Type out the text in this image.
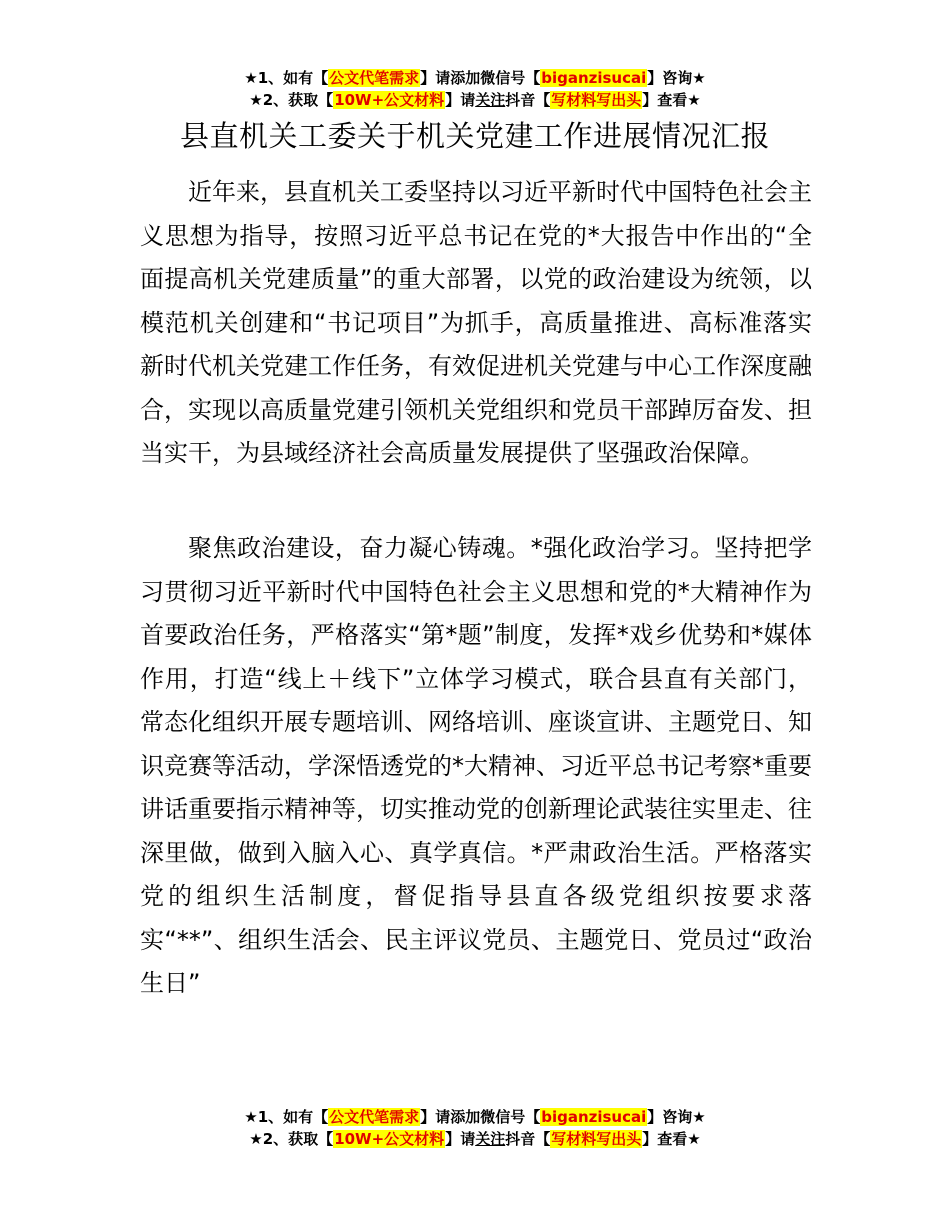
★1、如有【公文代笔需求】请添加微信号【biganzisucai】咨询★
★2、获取【10W+公文材料】请关注抖音【写材料写出头】查看★
县直机关工委关于机关党建工作进展情况汇报

近年来，县直机关工委坚持以习近平新时代中国特色社会主义思想为指导，按照习近平总书记在党的*大报告中作出的“全面提高机关党建质量”的重大部署，以党的政治建设为统领，以模范机关创建和“书记项目”为抓手，高质量推进、高标准落实新时代机关党建工作任务，有效促进机关党建与中心工作深度融合，实现以高质量党建引领机关党组织和党员干部踔厉奋发、担当实干，为县域经济社会高质量发展提供了坚强政治保障。

聚焦政治建设，奋力凝心铸魂。*强化政治学习。坚持把学习贯彻习近平新时代中国特色社会主义思想和党的*大精神作为首要政治任务，严格落实“第*题”制度，发挥*戏乡优势和*媒体作用，打造“线上＋线下”立体学习模式，联合县直有关部门，常态化组织开展专题培训、网络培训、座谈宣讲、主题党日、知识竞赛等活动，学深悟透党的*大精神、习近平总书记考察*重要讲话重要指示精神等，切实推动党的创新理论武装往实里走、往深里做，做到入脑入心、真学真信。*严肃政治生活。严格落实党的组织生活制度，督促指导县直各级党组织按要求落实“**”、组织生活会、民主评议党员、主题党日、党员过“政治生日”

★1、如有【公文代笔需求】请添加微信号【biganzisucai】咨询★
★2、获取【10W+公文材料】请关注抖音【写材料写出头】查看★
